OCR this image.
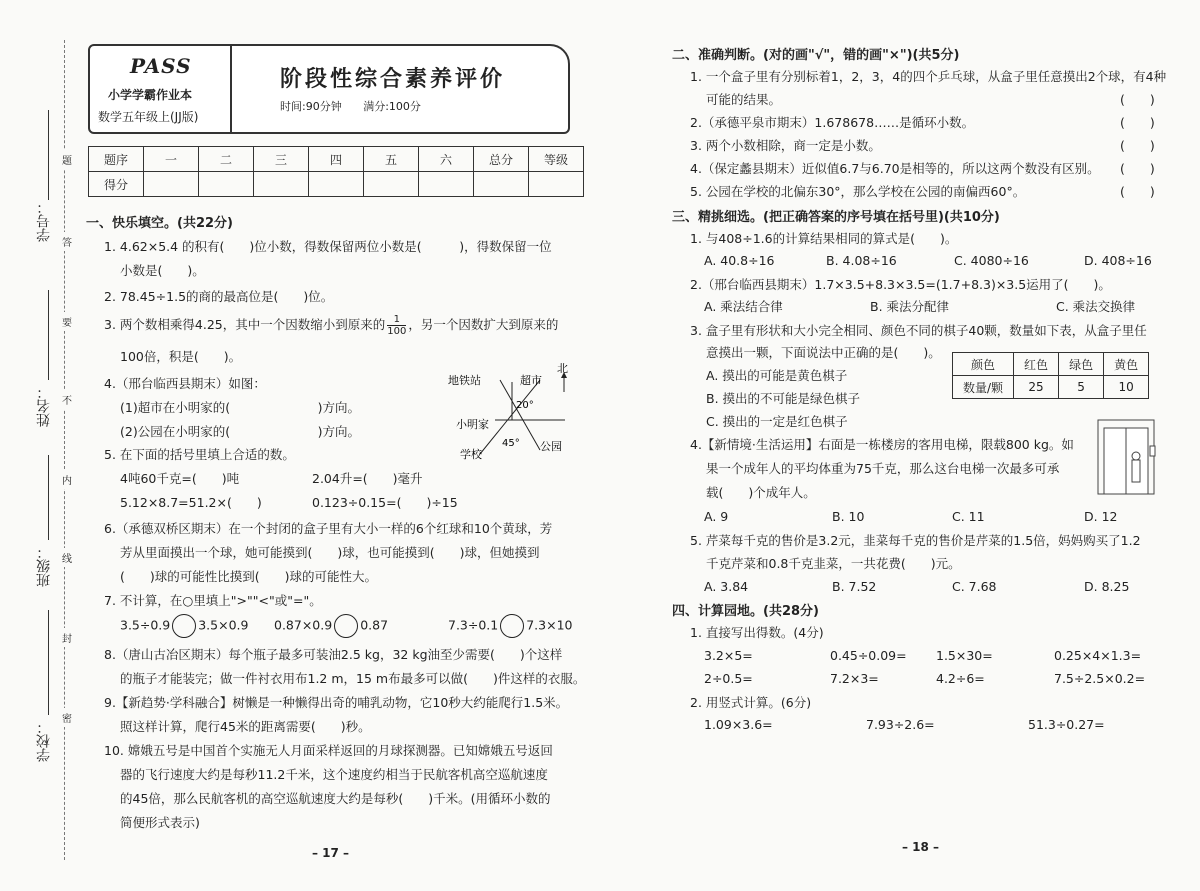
学号：
姓名：
班级：
学校：
题
答
要
不
内
线
封
密
PASS
小学学霸作业本
数学五年级上(JJ版)
阶段性综合素养评价
时间:90分钟 满分:100分
题序	一	二	三	四	五	六	总分	等级
得分								
一、快乐填空。(共22分)
1. 4.62×5.4 的积有(　　)位小数，得数保留两位小数是(　　　)，得数保留一位
小数是(　　)。
2. 78.45÷1.5的商的最高位是(　　)位。
3. 两个数相乘得4.25，其中一个因数缩小到原来的 $\frac{1}{100}$ ，另一个因数扩大到原来的
100倍，积是(　　)。
4.（邢台临西县期末）如图：
(1)超市在小明家的(　　　　　　　)方向。
(2)公园在小明家的(　　　　　　　)方向。
地铁站	超市
北
小明家
学校
公园
20°
45°
5. 在下面的括号里填上合适的数。
4吨60千克=(　　)吨	2.04升=(　　)毫升
5.12×8.7=51.2×(　　)	0.123÷0.15=(　　)÷15
6.（承德双桥区期末）在一个封闭的盒子里有大小一样的6个红球和10个黄球，芳
芳从里面摸出一个球，她可能摸到(　　)球，也可能摸到(　　)球，但她摸到
(　　)球的可能性比摸到(　　)球的可能性大。
7. 不计算，在○里填上">""<"或"="。
3.5÷0.9 3.5×0.9 0.87×0.9 0.87	7.3÷0.1 7.3×10
8.（唐山古冶区期末）每个瓶子最多可装油2.5 kg，32 kg油至少需要(　　)个这样
的瓶子才能装完；做一件衬衣用布1.2 m，15 m布最多可以做(　　)件这样的衣服。
9.【新趋势·学科融合】树懒是一种懒得出奇的哺乳动物，它10秒大约能爬行1.5米。
照这样计算，爬行45米的距离需要(　　)秒。
10. 嫦娥五号是中国首个实施无人月面采样返回的月球探测器。已知嫦娥五号返回
器的飞行速度大约是每秒11.2千米，这个速度约相当于民航客机高空巡航速度
的45倍，那么民航客机的高空巡航速度大约是每秒(　　)千米。(用循环小数的
简便形式表示)
– 17 –
二、准确判断。(对的画"√"，错的画"×")(共5分)
1. 一个盒子里有分别标着1，2，3，4的四个乒乓球，从盒子里任意摸出2个球，有4种
可能的结果。	(　　)
2.（承德平泉市期末）1.678678……是循环小数。	(　　)
3. 两个小数相除，商一定是小数。	(　　)
4.（保定蠡县期末）近似值6.7与6.70是相等的，所以这两个数没有区别。 (　　)
5. 公园在学校的北偏东30°，那么学校在公园的南偏西60°。	(　　)
三、精挑细选。(把正确答案的序号填在括号里)(共10分)
1. 与408÷1.6的计算结果相同的算式是(　　)。
A. 40.8÷16	B. 4.08÷16	C. 4080÷16	D. 408÷16
2.（邢台临西县期末）1.7×3.5+8.3×3.5=(1.7+8.3)×3.5运用了(　　)。
A. 乘法结合律	B. 乘法分配律	C. 乘法交换律
3. 盒子里有形状和大小完全相同、颜色不同的棋子40颗，数量如下表，从盒子里任
意摸出一颗，下面说法中正确的是(　　)。
A. 摸出的可能是黄色棋子
B. 摸出的不可能是绿色棋子
C. 摸出的一定是红色棋子
颜色	红色	绿色	黄色
数量/颗	25	5	10
4.【新情境·生活运用】右面是一栋楼房的客用电梯，限载800 kg。如
果一个成年人的平均体重为75千克，那么这台电梯一次最多可承
载(　　)个成年人。
A. 9	B. 10	C. 11	D. 12
5. 芹菜每千克的售价是3.2元，韭菜每千克的售价是芹菜的1.5倍，妈妈购买了1.2
千克芹菜和0.8千克韭菜，一共花费(　　)元。
A. 3.84	B. 7.52	C. 7.68	D. 8.25
四、计算园地。(共28分)
1. 直接写出得数。(4分)
3.2×5=	0.45÷0.09= 1.5×30=	0.25×4×1.3=
2÷0.5=	7.2×3=	4.2÷6=	7.5÷2.5×0.2=
2. 用竖式计算。(6分)
1.09×3.6=	7.93÷2.6=	51.3÷0.27=
– 18 –
